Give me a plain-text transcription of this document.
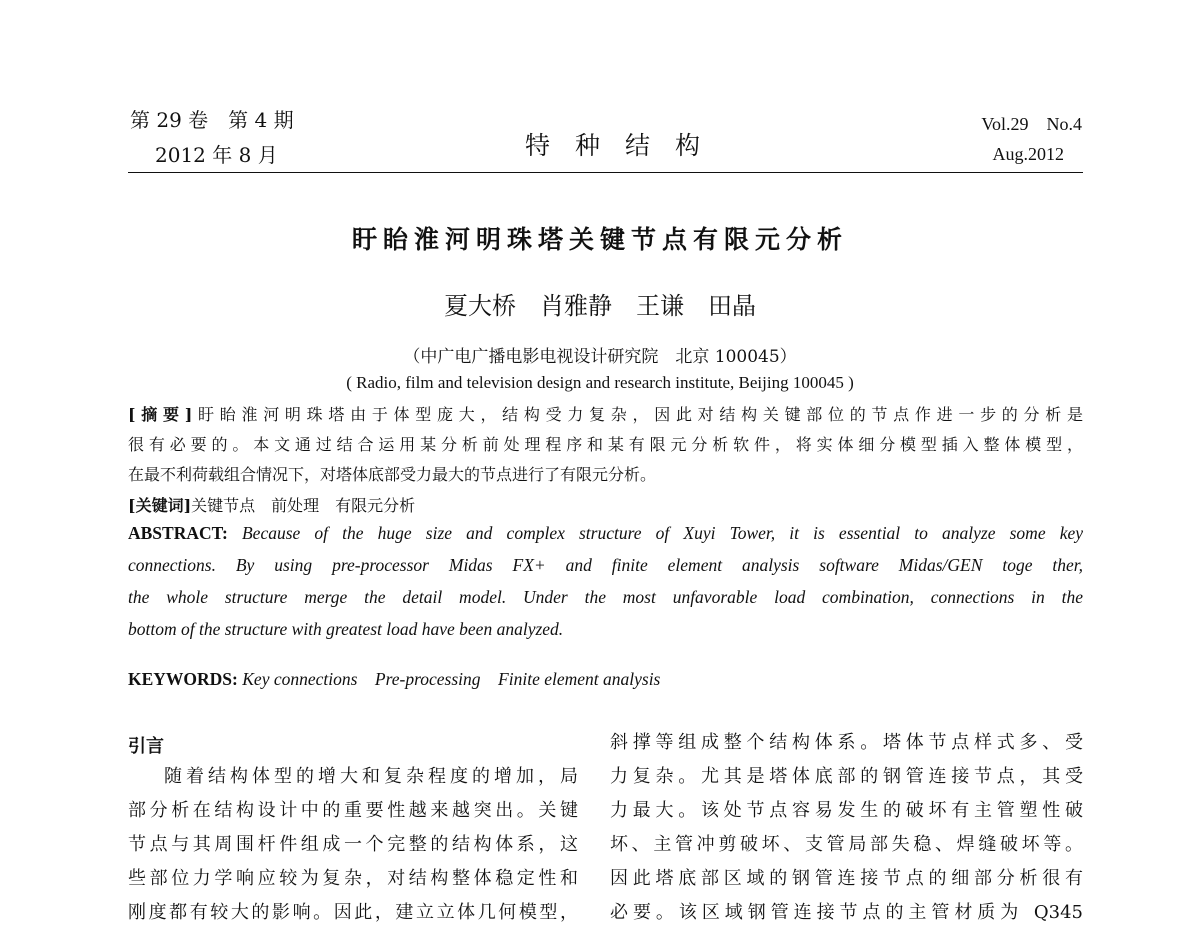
第 29 卷　第 4 期
2012 年 8 月	特　种　结　构
Vol.29　No.4
Aug.2012
盱眙淮河明珠塔关键节点有限元分析
夏大桥　肖雅静　王谦　田晶
（中广电广播电影电视设计研究院　北京 100045）
( Radio, film and television design and research institute, Beijing 100045 )
[摘要]盱眙淮河明珠塔由于体型庞大，结构受力复杂，因此对结构关键部位的节点作进一步的分析是
很有必要的。本文通过结合运用某分析前处理程序和某有限元分析软件，将实体细分模型插入整体模型，
在最不利荷载组合情况下，对塔体底部受力最大的节点进行了有限元分析。
[关键词]关键节点　前处理　有限元分析
ABSTRACT: Because of the huge size and complex structure of Xuyi Tower, it is essential to analyze some key
connections. By using pre-processor Midas FX+ and finite element analysis software Midas/GEN toge ther,
the whole structure merge the detail model. Under the most unfavorable load combination, connections in the
bottom of the structure with greatest load have been analyzed.
KEYWORDS: Key connections　Pre-processing　Finite element analysis
引言
随着结构体型的增大和复杂程度的增加，局
部分析在结构设计中的重要性越来越突出。关键
节点与其周围杆件组成一个完整的结构体系，这
些部位力学响应较为复杂，对结构整体稳定性和
刚度都有较大的影响。因此，建立立体几何模型，
斜撑等组成整个结构体系。塔体节点样式多、受
力复杂。尤其是塔体底部的钢管连接节点，其受
力最大。该处节点容易发生的破坏有主管塑性破
坏、主管冲剪破坏、支管局部失稳、焊缝破坏等。
因此塔底部区域的钢管连接节点的细部分析很有
必要。该区域钢管连接节点的主管材质为 Q345
